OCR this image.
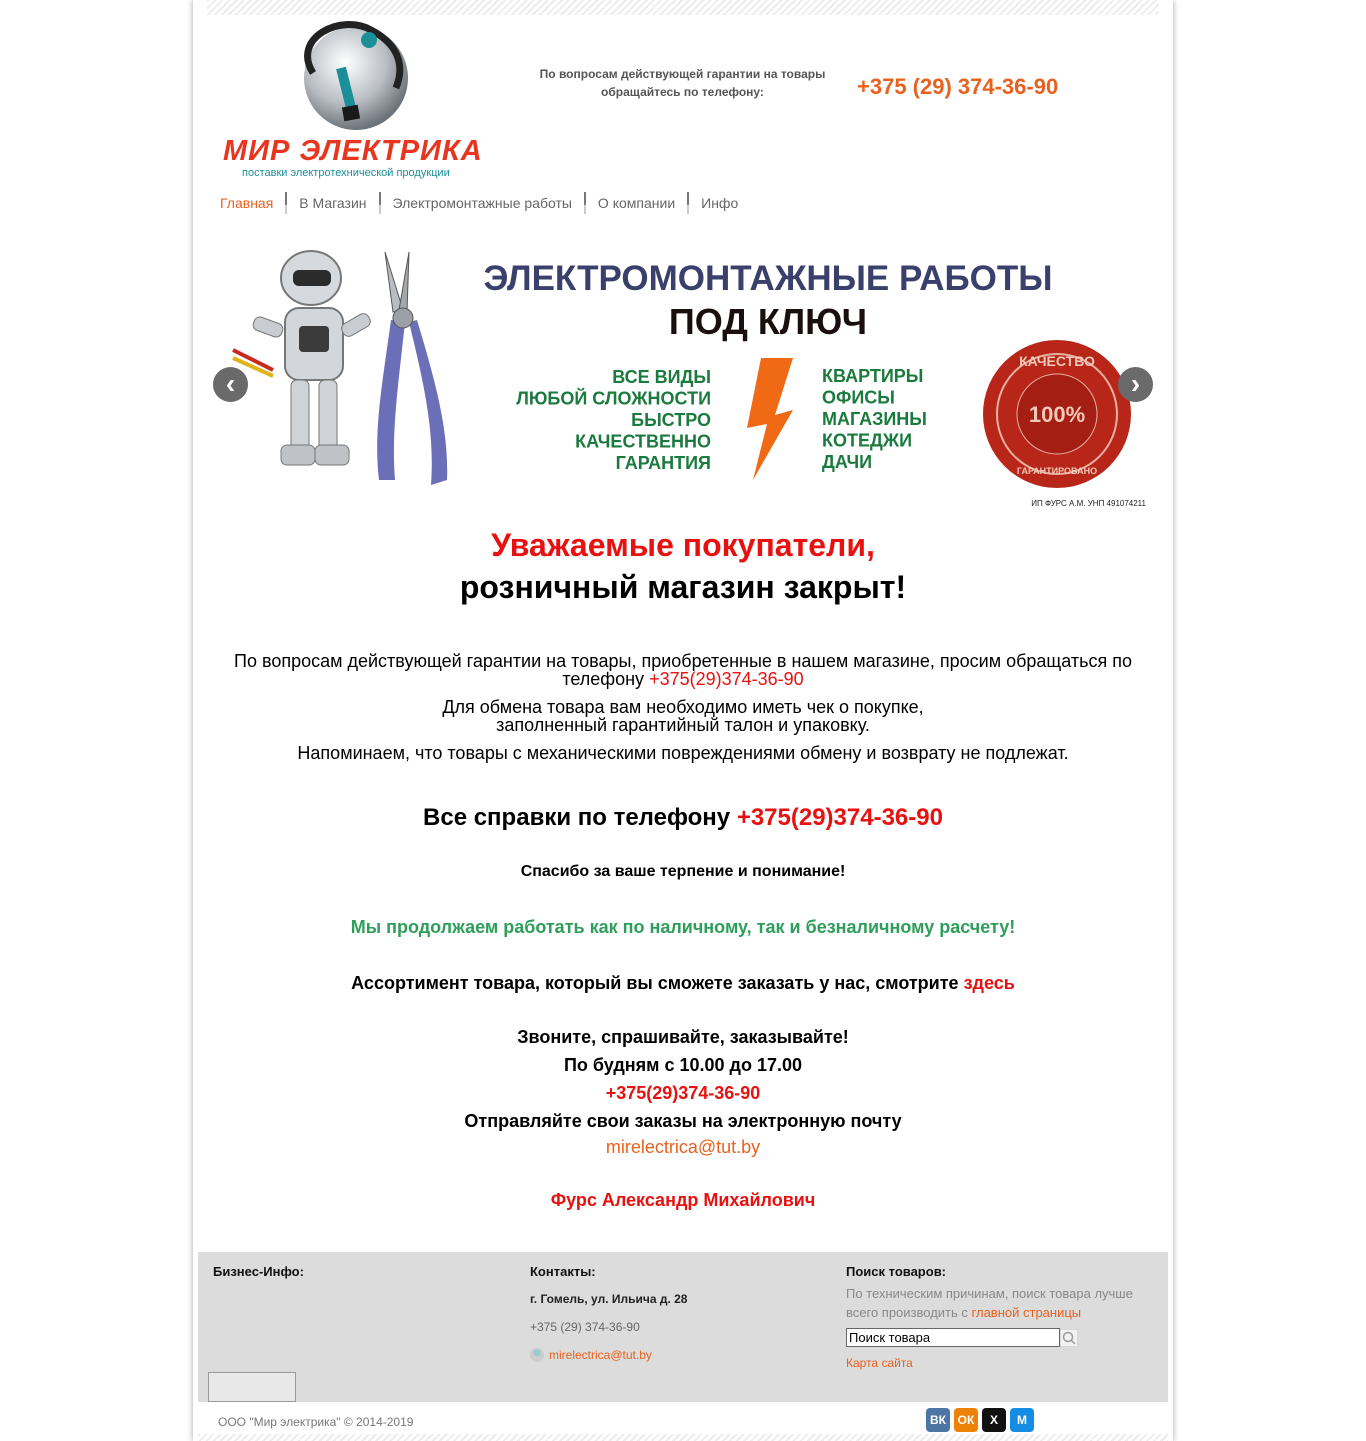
МИР ЭЛЕКТРИКА
поставки электротехнической продукции
По вопросам действующей гарантии на товары обращайтесь по телефону:	+375 (29) 374-36-90
Главная	В Магазин	Электромонтажные работы	О компании	Инфо
ЭЛЕКТРОМОНТАЖНЫЕ РАБОТЫ
ПОД КЛЮЧ
ВСЕ ВИДЫ
ЛЮБОЙ СЛОЖНОСТИ
БЫСТРО
КАЧЕСТВЕННО
ГАРАНТИЯ
КВАРТИРЫ
ОФИСЫ
МАГАЗИНЫ
КОТЕДЖИ
ДАЧИ
КАЧЕСТВО
100%
ГАРАНТИРОВАНО
ИП ФУРС А.М. УНП 491074211
‹	›
Уважаемые покупатели,
розничный магазин закрыт!
По вопросам действующей гарантии на товары, приобретенные в нашем магазине, просим обращаться по телефону +375(29)374-36-90
Для обмена товара вам необходимо иметь чек о покупке,
заполненный гарантийный талон и упаковку.
Напоминаем, что товары с механическими повреждениями обмену и возврату не подлежат.
Все справки по телефону +375(29)374-36-90
Спасибо за ваше терпение и понимание!
Мы продолжаем работать как по наличному, так и безналичному расчету!
Ассортимент товара, который вы сможете заказать у нас, смотрите здесь
Звоните, спрашивайте, заказывайте!
По будням с 10.00 до 17.00
+375(29)374-36-90
Отправляйте свои заказы на электронную почту
mirelectrica@tut.by
Фурс Александр Михайлович
Бизнес-Инфо:	Контакты:
г. Гомель, ул. Ильича д. 28
+375 (29) 374-36-90
mirelectrica@tut.by
Поиск товаров:
По техническим причинам, поиск товара лучше всего производить с главной страницы
Поиск товара
Карта сайта
ООО "Мир электрика" © 2014-2019	ВК ОК	X	M
